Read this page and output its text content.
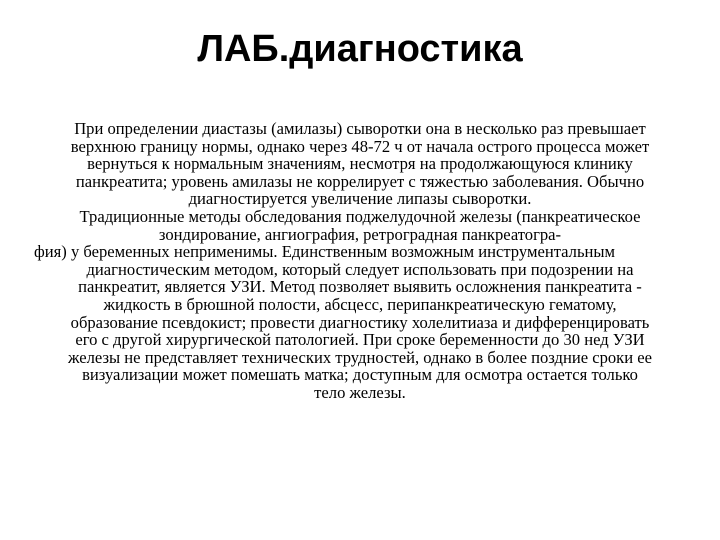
ЛАБ.диагностика
При определении диастазы (амилазы) сыворотки она в несколько раз превышает
верхнюю границу нормы, однако через 48-72 ч от начала острого процесса может
вернуться к нормальным значениям, несмотря на продолжающуюся клинику
панкреатита; уровень амилазы не коррелирует с тяжестью заболевания. Обычно
диагностируется увеличение липазы сыворотки.
Традиционные методы обследования поджелудочной железы (панкреатическое
зондирование, ангиография, ретроградная панкреатогра-
фия) у беременных неприменимы. Единственным возможным инструментальным
диагностическим методом, который следует использовать при подозрении на
панкреатит, является УЗИ. Метод позволяет выявить осложнения панкреатита -
жидкость в брюшной полости, абсцесс, перипанкреатическую гематому,
образование псевдокист; провести диагностику холелитиаза и дифференцировать
его с другой хирургической патологией. При сроке беременности до 30 нед УЗИ
железы не представляет технических трудностей, однако в более поздние сроки ее
визуализации может помешать матка; доступным для осмотра остается только
тело железы.
